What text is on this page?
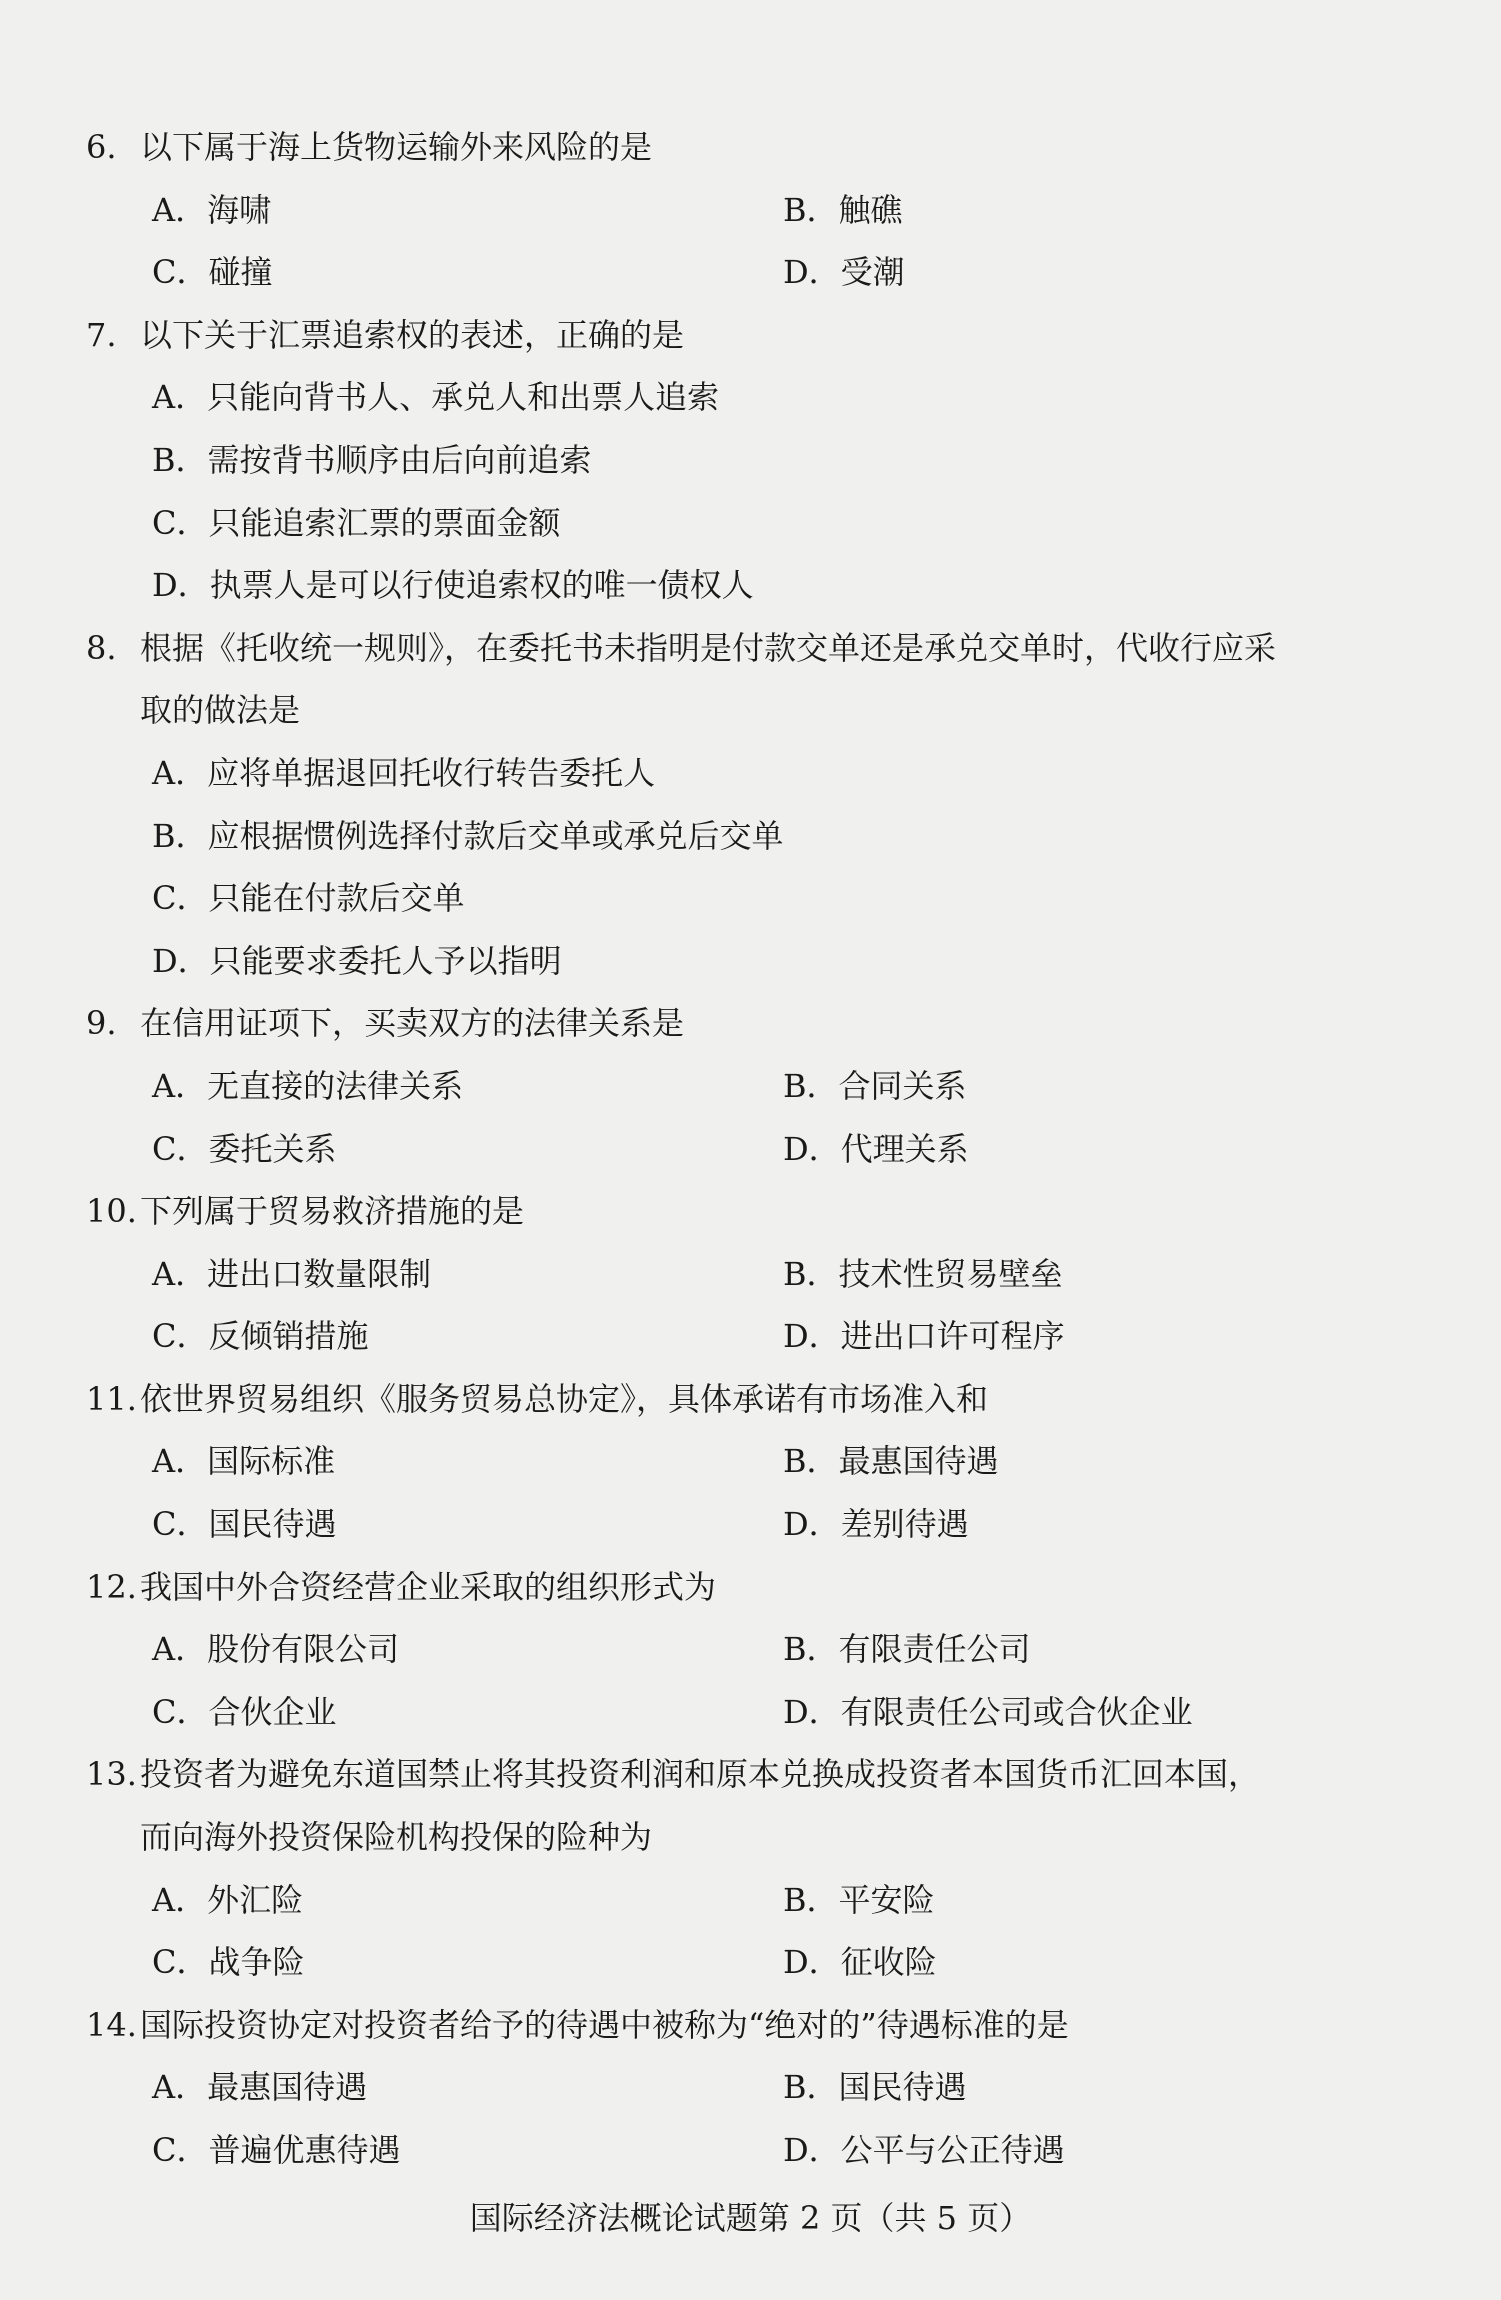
6. 以下属于海上货物运输外来风险的是
A．海啸	B．触礁
C．碰撞	D．受潮
7. 以下关于汇票追索权的表述，正确的是
A．只能向背书人、承兑人和出票人追索
B．需按背书顺序由后向前追索
C．只能追索汇票的票面金额
D．执票人是可以行使追索权的唯一债权人
8. 根据《托收统一规则》，在委托书未指明是付款交单还是承兑交单时，代收行应采
取的做法是
A．应将单据退回托收行转告委托人
B．应根据惯例选择付款后交单或承兑后交单
C．只能在付款后交单
D．只能要求委托人予以指明
9. 在信用证项下，买卖双方的法律关系是
A．无直接的法律关系	B．合同关系
C．委托关系	D．代理关系
10. 下列属于贸易救济措施的是
A．进出口数量限制	B．技术性贸易壁垒
C．反倾销措施	D．进出口许可程序
11. 依世界贸易组织《服务贸易总协定》，具体承诺有市场准入和
A．国际标准	B．最惠国待遇
C．国民待遇	D．差别待遇
12. 我国中外合资经营企业采取的组织形式为
A．股份有限公司	B．有限责任公司
C．合伙企业	D．有限责任公司或合伙企业
13. 投资者为避免东道国禁止将其投资利润和原本兑换成投资者本国货币汇回本国，
而向海外投资保险机构投保的险种为
A．外汇险	B．平安险
C．战争险	D．征收险
14. 国际投资协定对投资者给予的待遇中被称为“绝对的”待遇标准的是
A．最惠国待遇	B．国民待遇
C．普遍优惠待遇	D．公平与公正待遇
国际经济法概论试题第 2 页（共 5 页）
